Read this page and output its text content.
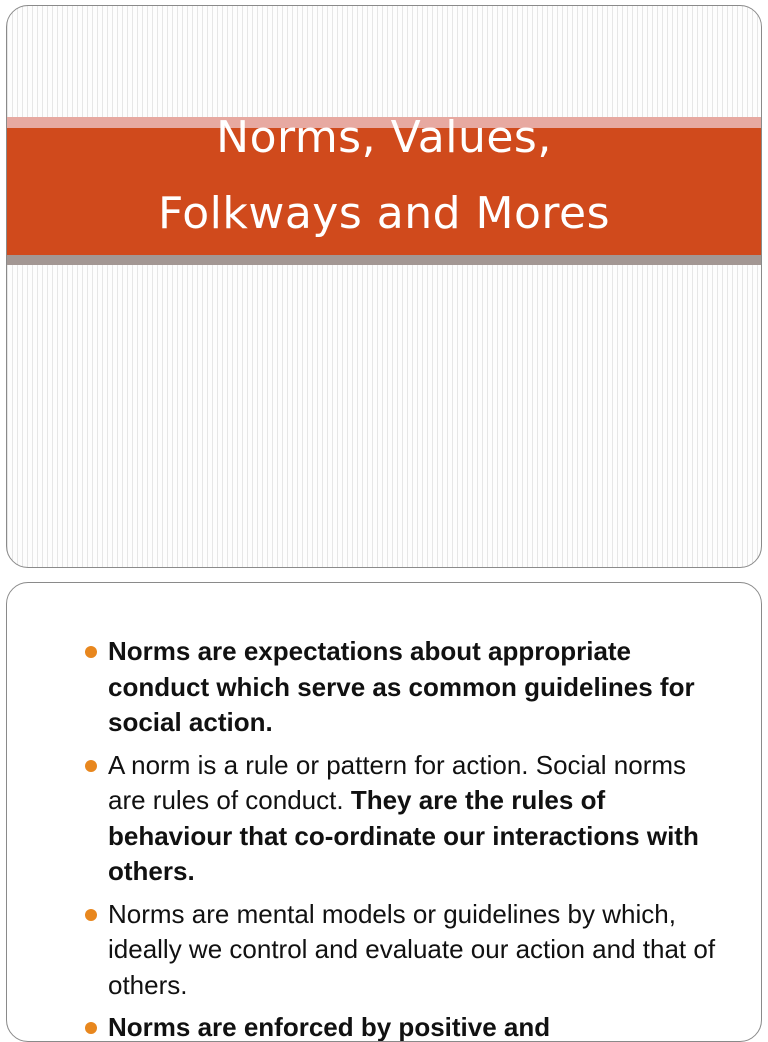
Norms, Values,
Folkways and Mores
Norms are expectations about appropriate conduct which serve as common guidelines for social action.
A norm is a rule or pattern for action. Social norms are rules of conduct. They are the rules of behaviour that co-ordinate our interactions with others.
Norms are mental models or guidelines by which, ideally we control and evaluate our action and that of others.
Norms are enforced by positive and
